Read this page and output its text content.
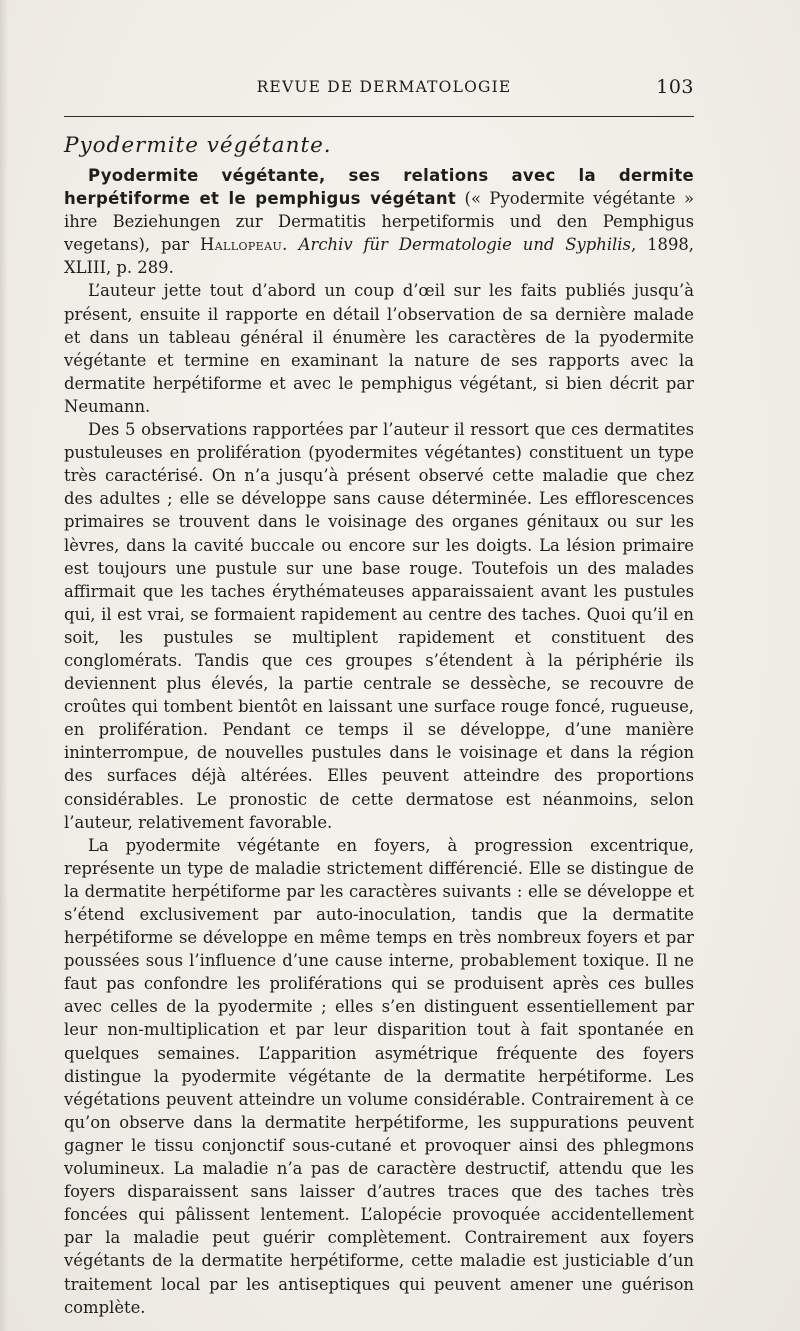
REVUE DE DERMATOLOGIE	103
Pyodermite végétante.

Pyodermite végétante, ses relations avec la dermite herpétiforme et le pemphigus végétant (« Pyodermite végétante » ihre Beziehungen zur Dermatitis herpetiformis und den Pemphigus vegetans), par Hallopeau. Archiv für Dermatologie und Syphilis, 1898, XLIII, p. 289.

L’auteur jette tout d’abord un coup d’œil sur les faits publiés jusqu’à présent, ensuite il rapporte en détail l’observation de sa dernière malade et dans un tableau général il énumère les caractères de la pyodermite végétante et termine en examinant la nature de ses rapports avec la dermatite herpétiforme et avec le pemphigus végétant, si bien décrit par Neumann.

Des 5 observations rapportées par l’auteur il ressort que ces dermatites pustuleuses en prolifération (pyodermites végétantes) constituent un type très caractérisé. On n’a jusqu’à présent observé cette maladie que chez des adultes ; elle se développe sans cause déterminée. Les efflorescences primaires se trouvent dans le voisinage des organes génitaux ou sur les lèvres, dans la cavité buccale ou encore sur les doigts. La lésion primaire est toujours une pustule sur une base rouge. Toutefois un des malades affirmait que les taches érythémateuses apparaissaient avant les pustules qui, il est vrai, se formaient rapidement au centre des taches. Quoi qu’il en soit, les pustules se multiplent rapidement et constituent des conglomérats. Tandis que ces groupes s’étendent à la périphérie ils deviennent plus élevés, la partie centrale se dessèche, se recouvre de croûtes qui tombent bientôt en laissant une surface rouge foncé, rugueuse, en prolifération. Pendant ce temps il se développe, d’une manière ininterrompue, de nouvelles pustules dans le voisinage et dans la région des surfaces déjà altérées. Elles peuvent atteindre des proportions considérables. Le pronostic de cette dermatose est néanmoins, selon l’auteur, relativement favorable.

La pyodermite végétante en foyers, à progression excentrique, représente un type de maladie strictement différencié. Elle se distingue de la dermatite herpétiforme par les caractères suivants : elle se développe et s’étend exclusivement par auto-inoculation, tandis que la dermatite herpétiforme se développe en même temps en très nombreux foyers et par poussées sous l’influence d’une cause interne, probablement toxique. Il ne faut pas confondre les proliférations qui se produisent après ces bulles avec celles de la pyodermite ; elles s’en distinguent essentiellement par leur non-multiplication et par leur disparition tout à fait spontanée en quelques semaines. L’apparition asymétrique fréquente des foyers distingue la pyodermite végétante de la dermatite herpétiforme. Les végétations peuvent atteindre un volume considérable. Contrairement à ce qu’on observe dans la dermatite herpétiforme, les suppurations peuvent gagner le tissu conjonctif sous-cutané et provoquer ainsi des phlegmons volumineux. La maladie n’a pas de caractère destructif, attendu que les foyers disparaissent sans laisser d’autres traces que des taches très foncées qui pâlissent lentement. L’alopécie provoquée accidentellement par la maladie peut guérir complètement. Contrairement aux foyers végétants de la dermatite herpétiforme, cette maladie est justiciable d’un traitement local par les antiseptiques qui peuvent amener une guérison complète.
